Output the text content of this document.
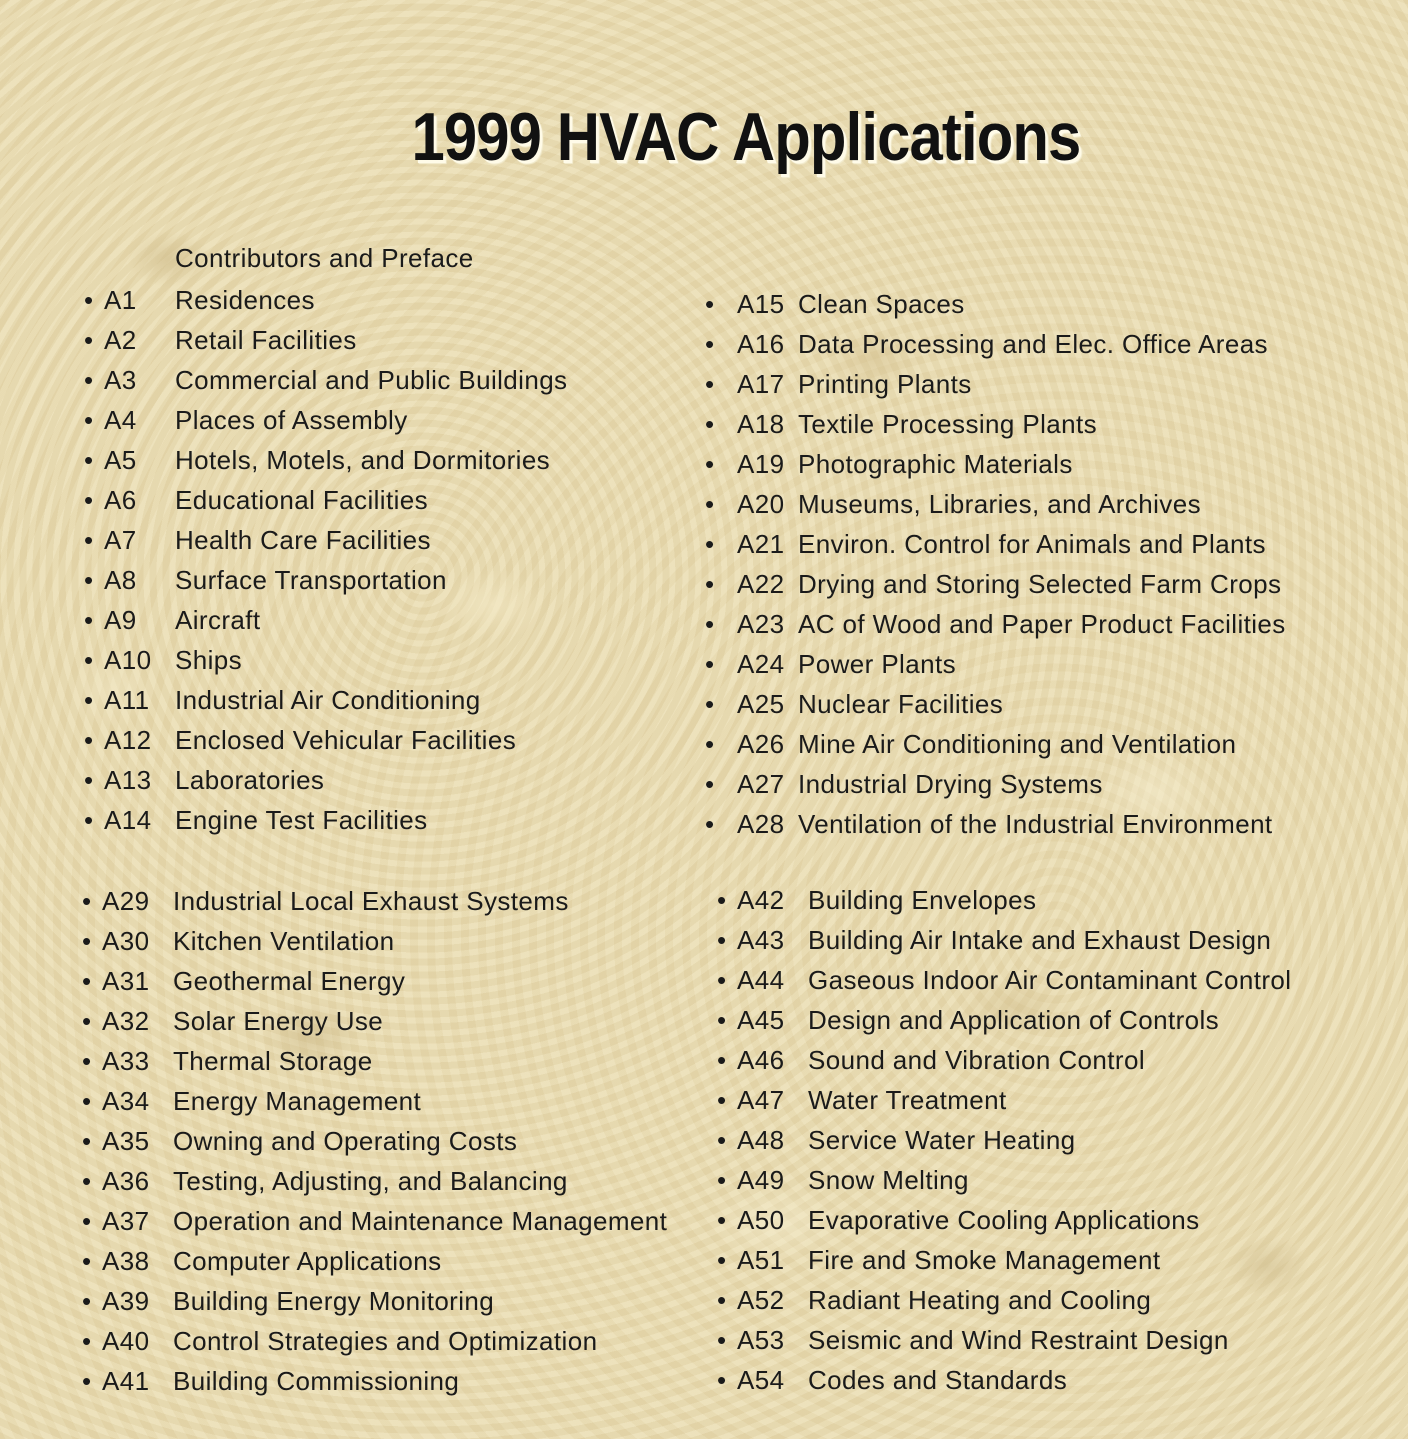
1999 HVAC Applications
Contributors and Preface
• A1 Residences
• A2 Retail Facilities
• A3 Commercial and Public Buildings
• A4 Places of Assembly
• A5 Hotels, Motels, and Dormitories
• A6 Educational Facilities
• A7 Health Care Facilities
• A8 Surface Transportation
• A9 Aircraft
• A10 Ships
• A11 Industrial Air Conditioning
• A12 Enclosed Vehicular Facilities
• A13 Laboratories
• A14 Engine Test Facilities
• A15 Clean Spaces
• A16 Data Processing and Elec. Office Areas
• A17 Printing Plants
• A18 Textile Processing Plants
• A19 Photographic Materials
• A20 Museums, Libraries, and Archives
• A21 Environ. Control for Animals and Plants
• A22 Drying and Storing Selected Farm Crops
• A23 AC of Wood and Paper Product Facilities
• A24 Power Plants
• A25 Nuclear Facilities
• A26 Mine Air Conditioning and Ventilation
• A27 Industrial Drying Systems
• A28 Ventilation of the Industrial Environment
• A29 Industrial Local Exhaust Systems
• A30 Kitchen Ventilation
• A31 Geothermal Energy
• A32 Solar Energy Use
• A33 Thermal Storage
• A34 Energy Management
• A35 Owning and Operating Costs
• A36 Testing, Adjusting, and Balancing
• A37 Operation and Maintenance Management
• A38 Computer Applications
• A39 Building Energy Monitoring
• A40 Control Strategies and Optimization
• A41 Building Commissioning
• A42 Building Envelopes
• A43 Building Air Intake and Exhaust Design
• A44 Gaseous Indoor Air Contaminant Control
• A45 Design and Application of Controls
• A46 Sound and Vibration Control
• A47 Water Treatment
• A48 Service Water Heating
• A49 Snow Melting
• A50 Evaporative Cooling Applications
• A51 Fire and Smoke Management
• A52 Radiant Heating and Cooling
• A53 Seismic and Wind Restraint Design
• A54 Codes and Standards
